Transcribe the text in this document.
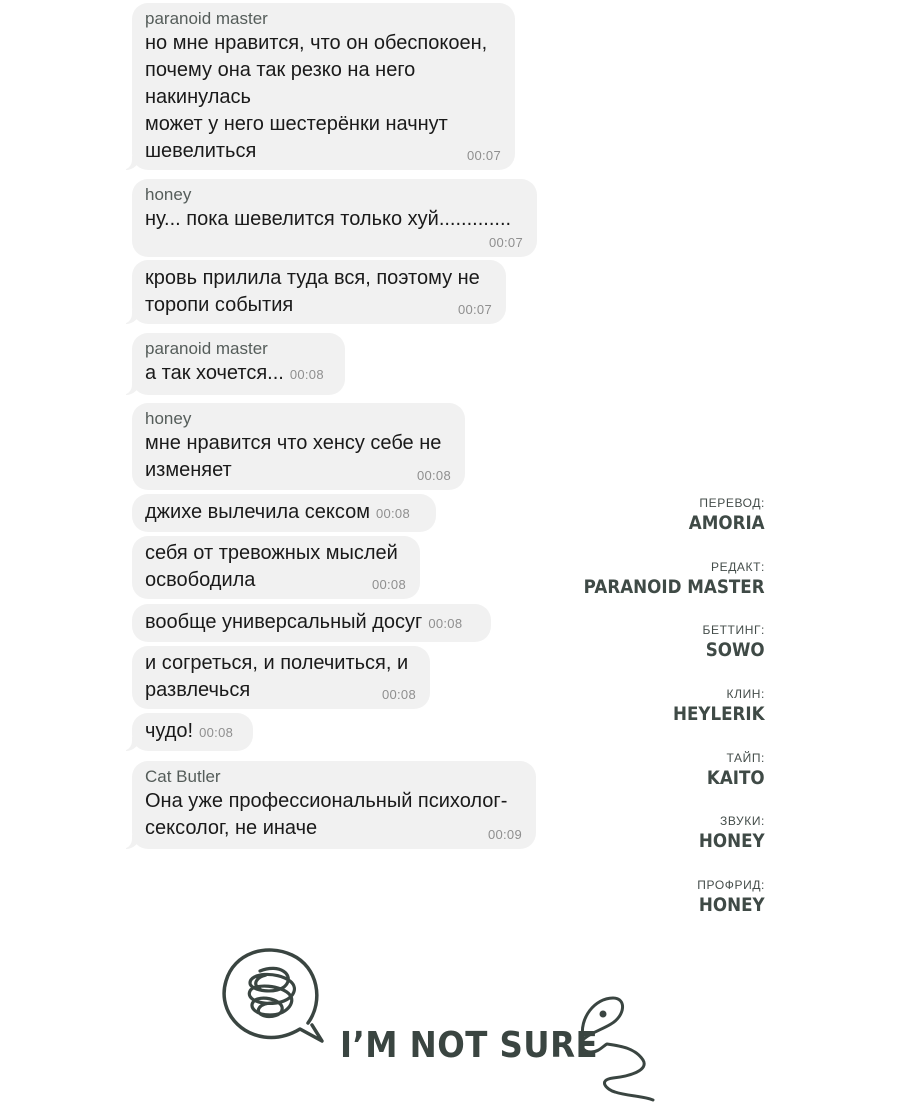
paranoid master
но мне нравится, что он обеспокоен,
почему она так резко на него
накинулась
может у него шестерёнки начнут
шевелиться	00:07
honey
ну... пока шевелится только хуй.............
00:07
кровь прилила туда вся, поэтому не
торопи события	00:07
paranoid master
а так хочется... 00:08
honey
мне нравится что хенсу себе не
изменяет	00:08
джихе вылечила сексом 00:08
себя от тревожных мыслей
освободила	00:08
вообще универсальный досуг 00:08
и согреться, и полечиться, и
развлечься	00:08
чудо! 00:08
Cat Butler
Она уже профессиональный психолог-
сексолог, не иначе	00:09
ПЕРЕВОД:
AMORIA
РЕДАКТ:
PARANOID MASTER
БЕТТИНГ:
SOWO
КЛИН:
HEYLERIK
ТАЙП:
KAITO
ЗВУКИ:
HONEY
ПРОФРИД:
HONEY
I’M NOT SURE
